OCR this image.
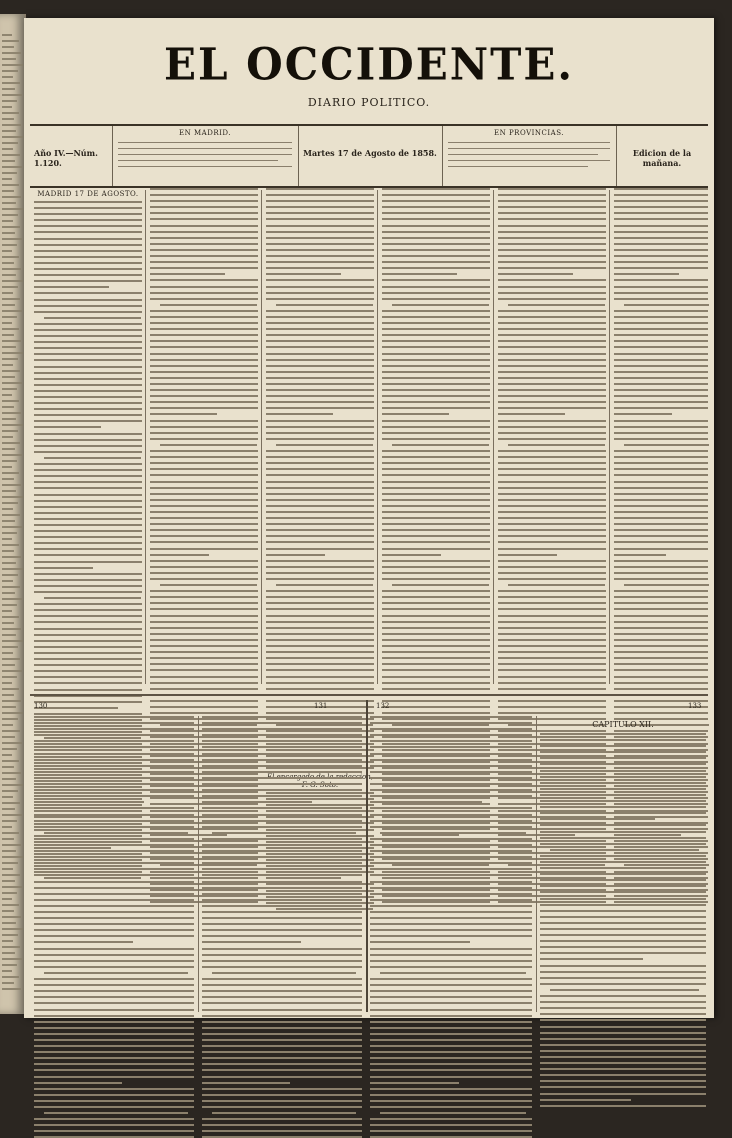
EL OCCIDENTE.
DIARIO POLITICO.
Año IV.—Núm. 1.120.
EN MADRID.
Martes 17 de Agosto de 1858.
EN PROVINCIAS.
Edicion de la mañana.
MADRID 17 DE AGOSTO.
130	131	132	133
CAPITULO XII.
